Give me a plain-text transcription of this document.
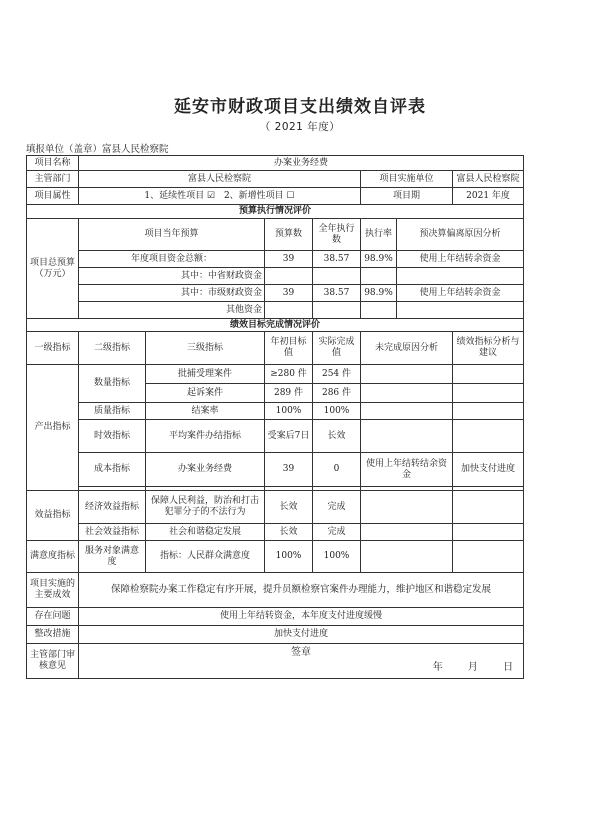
延安市财政项目支出绩效自评表
（ 2021 年度）
填报单位（盖章）富县人民检察院
项目名称	办案业务经费						
主管部门	富县人民检察院				项目实施单位		富县人民检察院
项目属性	1、延续性项目 ☑ 2、新增性项目 ☐				项目期		2021 年度
预算执行情况评价							
项目总预算
（万元）	项目当年预算		预算数	全年执行数	执行率	预决算偏离原因分析	
	年度项目资金总额：		39	38.57	98.9%	使用上年结转余资金	
	其中：中省财政资金						
	其中：市级财政资金		39	38.57	98.9%	使用上年结转余资金	
	其他资金						
绩效目标完成情况评价							
一级指标	二级指标	三级指标	年初目标值	实际完成值	未完成原因分析		绩效指标分析与建议
产出指标	数量指标	批捕受理案件	≥280 件	254 件			
		起诉案件	289 件	286 件			
	质量指标	结案率	100%	100%			
	时效指标	平均案件办结指标	受案后7日	长效			
	成本指标	办案业务经费	39	0	使用上年结转结余资金		加快支付进度

效益指标	经济效益指标	保障人民利益，防治和打击犯罪分子的不法行为	长效	完成			
	社会效益指标	社会和谐稳定发展	长效	完成			
满意度指标	服务对象满意度	指标：人民群众满意度	100%	100%			
项目实施的主要成效	保障检察院办案工作稳定有序开展，提升员额检察官案件办理能力，维护地区和谐稳定发展						
存在问题	使用上年结转资金，本年度支付进度缓慢						
整改措施	加快支付进度						
主管部门审核意见	签章
年 月 日						
